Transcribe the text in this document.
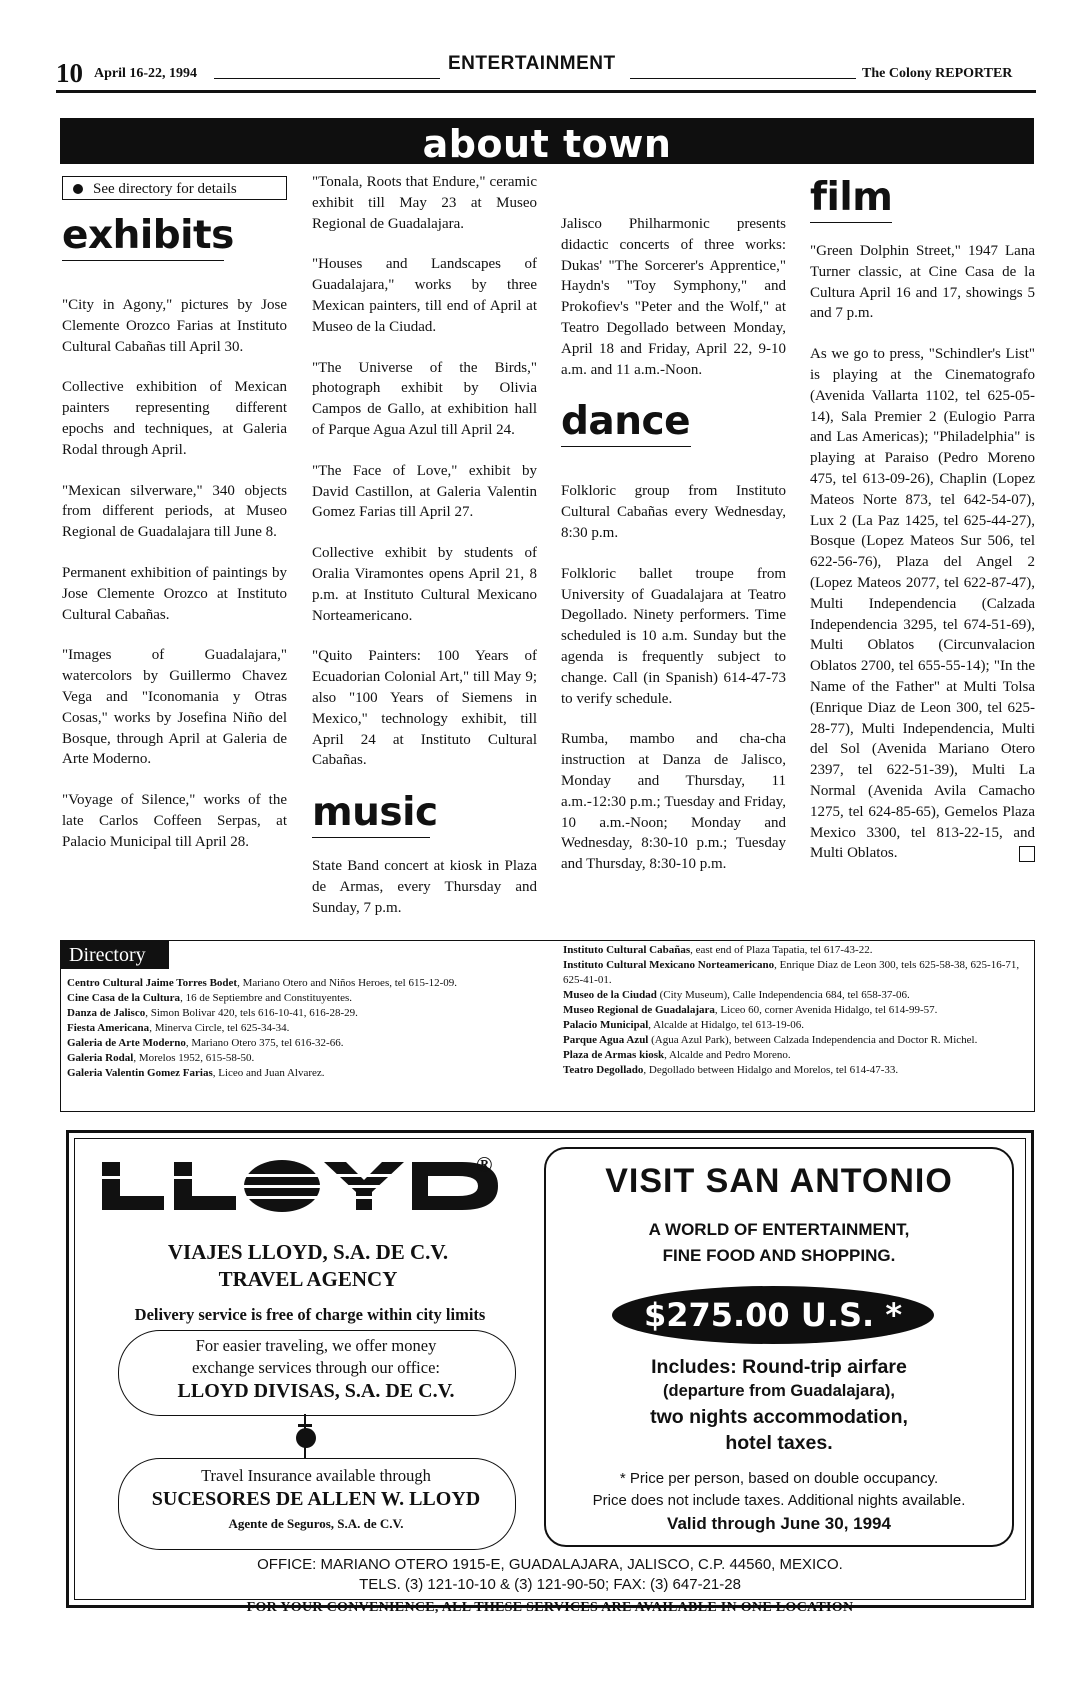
10 April 16-22, 1994	ENTERTAINMENT	The Colony REPORTER
about town
See directory for details
exhibits

"City in Agony," pictures by Jose Clemente Orozco Farias at Instituto Cultural Cabañas till April 30.

Collective exhibition of Mexican painters representing different epochs and techniques, at Galeria Rodal through April.

"Mexican silverware," 340 objects from different periods, at Museo Regional de Guadalajara till June 8.

Permanent exhibition of paintings by Jose Clemente Orozco at Instituto Cultural Cabañas.

"Images of Guadalajara," watercolors by Guillermo Chavez Vega and "Iconomania y Otras Cosas," works by Josefina Niño del Bosque, through April at Galeria de Arte Moderno.

"Voyage of Silence," works of the late Carlos Coffeen Serpas, at Palacio Municipal till April 28.

"Tonala, Roots that Endure," ceramic exhibit till May 23 at Museo Regional de Guadalajara.

"Houses and Landscapes of Guadalajara," works by three Mexican painters, till end of April at Museo de la Ciudad.

"The Universe of the Birds," photograph exhibit by Olivia Campos de Gallo, at exhibition hall of Parque Agua Azul till April 24.

"The Face of Love," exhibit by David Castillon, at Galeria Valentin Gomez Farias till April 27.

Collective exhibit by students of Oralia Viramontes opens April 21, 8 p.m. at Instituto Cultural Mexicano Norteamericano.

"Quito Painters: 100 Years of Ecuadorian Colonial Art," till May 9; also "100 Years of Siemens in Mexico," technology exhibit, till April 24 at Instituto Cultural Cabañas.

music

State Band concert at kiosk in Plaza de Armas, every Thursday and Sunday, 7 p.m.

Jalisco Philharmonic presents didactic concerts of three works: Dukas' "The Sorcerer's Apprentice," Haydn's "Toy Symphony," and Prokofiev's "Peter and the Wolf," at Teatro Degollado between Monday, April 18 and Friday, April 22, 9-10 a.m. and 11 a.m.-Noon.

dance

Folkloric group from Instituto Cultural Cabañas every Wednesday, 8:30 p.m.

Folkloric ballet troupe from University of Guadalajara at Teatro Degollado. Ninety performers. Time scheduled is 10 a.m. Sunday but the agenda is frequently subject to change. Call (in Spanish) 614-47-73 to verify schedule.

Rumba, mambo and cha-cha instruction at Danza de Jalisco, Monday and Thursday, 11 a.m.-12:30 p.m.; Tuesday and Friday, 10 a.m.-Noon; Monday and Wednesday, 8:30-10 p.m.; Tuesday and Thursday, 8:30-10 p.m.

film

"Green Dolphin Street," 1947 Lana Turner classic, at Cine Casa de la Cultura April 16 and 17, showings 5 and 7 p.m.

As we go to press, "Schindler's List" is playing at the Cinematografo (Avenida Vallarta 1102, tel 625-05-14), Sala Premier 2 (Eulogio Parra and Las Americas); "Philadelphia" is playing at Paraiso (Pedro Moreno 475, tel 613-09-26), Chaplin (Lopez Mateos Norte 873, tel 642-54-07), Lux 2 (La Paz 1425, tel 625-44-27), Bosque (Lopez Mateos Sur 506, tel 622-56-76), Plaza del Angel 2 (Lopez Mateos 2077, tel 622-87-47), Multi Independencia (Calzada Independencia 3295, tel 674-51-69), Multi Oblatos (Circunvalacion Oblatos 2700, tel 655-55-14); "In the Name of the Father" at Multi Tolsa (Enrique Diaz de Leon 300, tel 625-28-77), Multi Independencia, Multi del Sol (Avenida Mariano Otero 2397, tel 622-51-39), Multi La Normal (Avenida Avila Camacho 1275, tel 624-85-65), Gemelos Plaza Mexico 3300, tel 813-22-15, and Multi Oblatos.

Directory
Centro Cultural Jaime Torres Bodet, Mariano Otero and Niños Heroes, tel 615-12-09.
Cine Casa de la Cultura, 16 de Septiembre and Constituyentes.
Danza de Jalisco, Simon Bolivar 420, tels 616-10-41, 616-28-29.
Fiesta Americana, Minerva Circle, tel 625-34-34.
Galeria de Arte Moderno, Mariano Otero 375, tel 616-32-66.
Galeria Rodal, Morelos 1952, 615-58-50.
Galeria Valentin Gomez Farias, Liceo and Juan Alvarez.
Instituto Cultural Cabañas, east end of Plaza Tapatia, tel 617-43-22.
Instituto Cultural Mexicano Norteamericano, Enrique Diaz de Leon 300, tels 625-58-38, 625-16-71, 625-41-01.
Museo de la Ciudad (City Museum), Calle Independencia 684, tel 658-37-06.
Museo Regional de Guadalajara, Liceo 60, corner Avenida Hidalgo, tel 614-99-57.
Palacio Municipal, Alcalde at Hidalgo, tel 613-19-06.
Parque Agua Azul (Agua Azul Park), between Calzada Independencia and Doctor R. Michel.
Plaza de Armas kiosk, Alcalde and Pedro Moreno.
Teatro Degollado, Degollado between Hidalgo and Morelos, tel 614-47-33.
®
VIAJES LLOYD, S.A. DE C.V.
TRAVEL AGENCY
Delivery service is free of charge within city limits
For easier traveling, we offer money
exchange services through our office:
LLOYD DIVISAS, S.A. DE C.V.
Travel Insurance available through
SUCESORES DE ALLEN W. LLOYD
Agente de Seguros, S.A. de C.V.
VISIT SAN ANTONIO
A WORLD OF ENTERTAINMENT,
FINE FOOD AND SHOPPING.
$275.00 U.S. *
Includes: Round-trip airfare
(departure from Guadalajara),
two nights accommodation,
hotel taxes.
* Price per person, based on double occupancy.
Price does not include taxes. Additional nights available.
Valid through June 30, 1994
OFFICE: MARIANO OTERO 1915-E, GUADALAJARA, JALISCO, C.P. 44560, MEXICO.
TELS. (3) 121-10-10 & (3) 121-90-50; FAX: (3) 647-21-28
FOR YOUR CONVENIENCE, ALL THESE SERVICES ARE AVAILABLE IN ONE LOCATION
